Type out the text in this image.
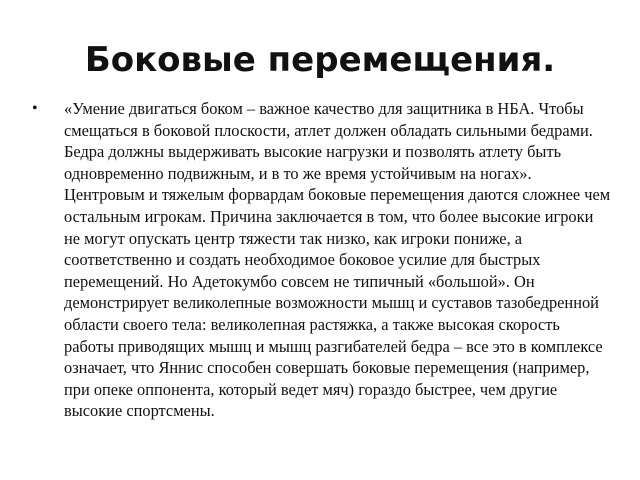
Боковые перемещения.
•	«Умение двигаться боком – важное качество для защитника в НБА. Чтобы смещаться в боковой плоскости, атлет должен обладать сильными бедрами. Бедра должны выдерживать высокие нагрузки и позволять атлету быть одновременно подвижным, и в то же время устойчивым на ногах». Центровым и тяжелым форвардам боковые перемещения даются сложнее чем остальным игрокам. Причина заключается в том, что более высокие игроки не могут опускать центр тяжести так низко, как игроки пониже, а соответственно и создать необходимое боковое усилие для быстрых перемещений. Но Адетокумбо совсем не типичный «большой». Он демонстрирует великолепные возможности мышц и суставов тазобедренной области своего тела: великолепная растяжка, а также высокая скорость работы приводящих мышц и мышц разгибателей бедра – все это в комплексе означает, что Яннис способен совершать боковые перемещения (например, при опеке оппонента, который ведет мяч) гораздо быстрее, чем другие высокие спортсмены.
